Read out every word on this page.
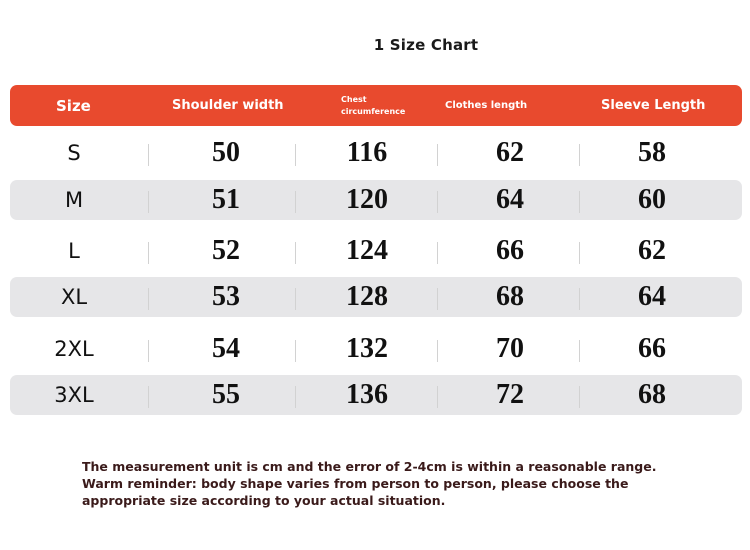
1 Size Chart
Size	Shoulder width	Chest circumference	Clothes length	Sleeve Length
S	50	116	62	58
M	51	120	64	60
L	52	124	66	62
XL	53	128	68	64
2XL	54	132	70	66
3XL	55	136	72	68
The measurement unit is cm and the error of 2-4cm is within a reasonable range.
Warm reminder: body shape varies from person to person, please choose the
appropriate size according to your actual situation.
